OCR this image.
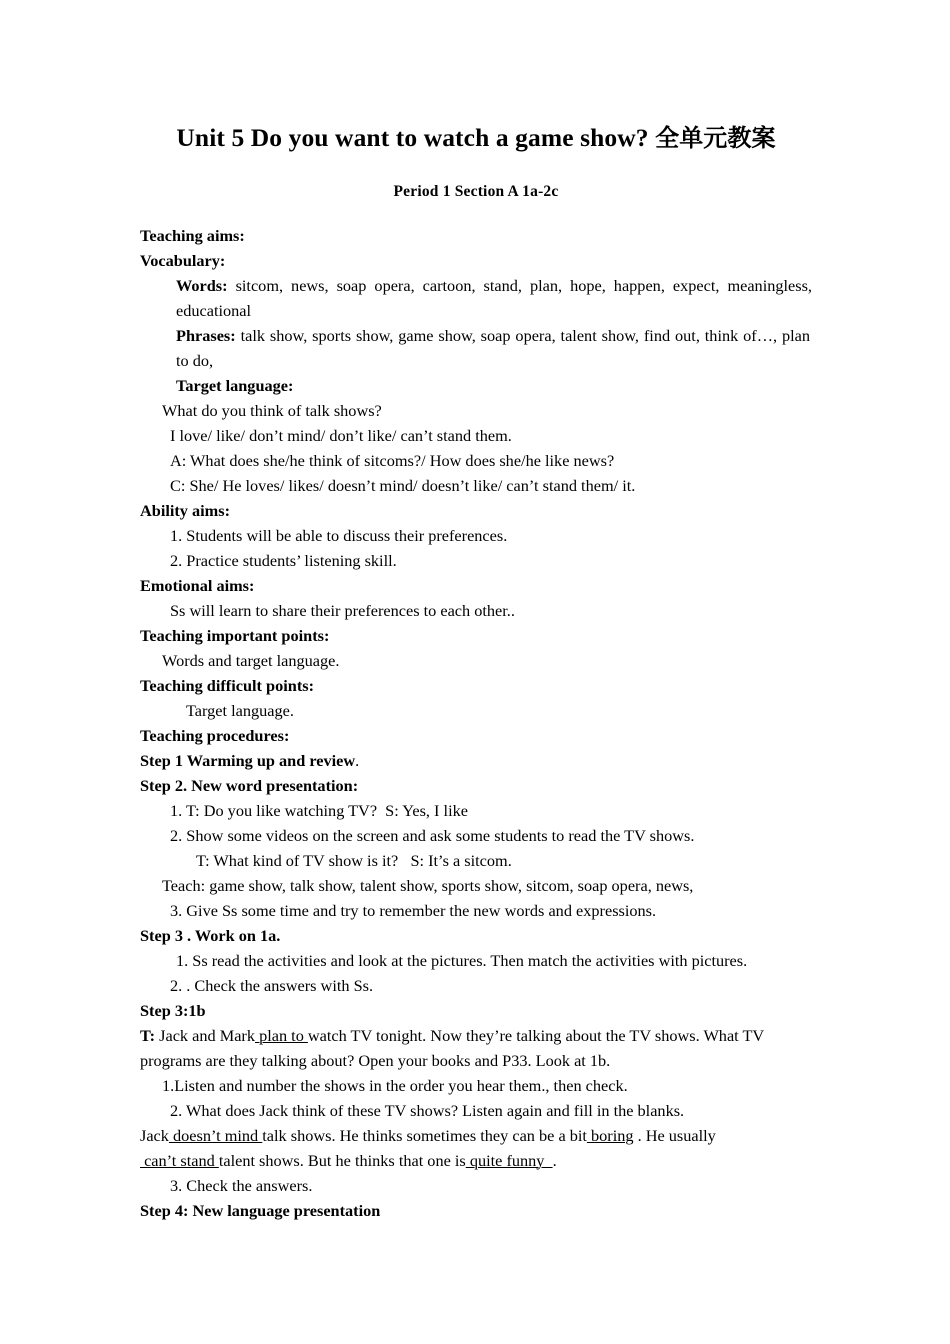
Unit 5 Do you want to watch a game show? 全单元教案

Period 1 Section A 1a-2c

Teaching aims:

Vocabulary:

Words: sitcom, news, soap opera, cartoon, stand, plan, hope, happen, expect, meaningless, educational

Phrases: talk show, sports show, game show, soap opera, talent show, find out, think of…, plan to do,

Target language:

What do you think of talk shows?

I love/ like/ don’t mind/ don’t like/ can’t stand them.

A: What does she/he think of sitcoms?/ How does she/he like news?

C: She/ He loves/ likes/ doesn’t mind/ doesn’t like/ can’t stand them/ it.

Ability aims:

1. Students will be able to discuss their preferences.

2. Practice students’ listening skill.

Emotional aims:

Ss will learn to share their preferences to each other..

Teaching important points:

Words and target language.

Teaching difficult points:

Target language.

Teaching procedures:

Step 1 Warming up and review.

Step 2. New word presentation:

1. T: Do you like watching TV?  S: Yes, I like

2. Show some videos on the screen and ask some students to read the TV shows.

T: What kind of TV show is it?   S: It’s a sitcom.

Teach: game show, talk show, talent show, sports show, sitcom, soap opera, news,

3. Give Ss some time and try to remember the new words and expressions.

Step 3 . Work on 1a.

1. Ss read the activities and look at the pictures. Then match the activities with pictures.

2. . Check the answers with Ss.

Step 3:1b

T: Jack and Mark plan to watch TV tonight. Now they’re talking about the TV shows. What TV programs are they talking about? Open your books and P33. Look at 1b.

1.Listen and number the shows in the order you hear them., then check.

2. What does Jack think of these TV shows? Listen again and fill in the blanks.

Jack doesn’t mind talk shows. He thinks sometimes they can be a bit boring . He usually can’t stand talent shows. But he thinks that one is quite funny  .

3. Check the answers.

Step 4: New language presentation
